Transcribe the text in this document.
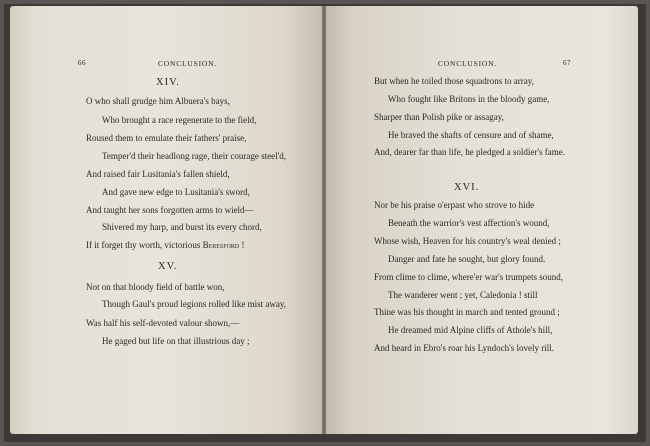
66	CONCLUSION.
XIV.
O who shall grudge him Albuera's bays,
Who brought a race regenerate to the field,
Roused them to emulate their fathers' praise,
Temper'd their headlong rage, their courage steel'd,
And raised fair Lusitania's fallen shield,
And gave new edge to Lusitania's sword,
And taught her sons forgotten arms to wield—
Shivered my harp, and burst its every chord,
If it forget thy worth, victorious Beresford !
XV.
Not on that bloody field of battle won,
Though Gaul's proud legions rolled like mist away,
Was half his self-devoted valour shown,—
He gaged but life on that illustrious day ;
CONCLUSION.	67
But when he toiled those squadrons to array,
Who fought like Britons in the bloody game,
Sharper than Polish pike or assagay,
He braved the shafts of censure and of shame,
And, dearer far than life, he pledged a soldier's fame.
XVI.
Nor be his praise o'erpast who strove to hide
Beneath the warrior's vest affection's wound,
Whose wish, Heaven for his country's weal denied ;
Danger and fate he sought, but glory found.
From clime to clime, where'er war's trumpets sound,
The wanderer went ; yet, Caledonia ! still
Thine was his thought in march and tented ground ;
He dreamed mid Alpine cliffs of Athole's hill,
And heard in Ebro's roar his Lyndoch's lovely rill.
